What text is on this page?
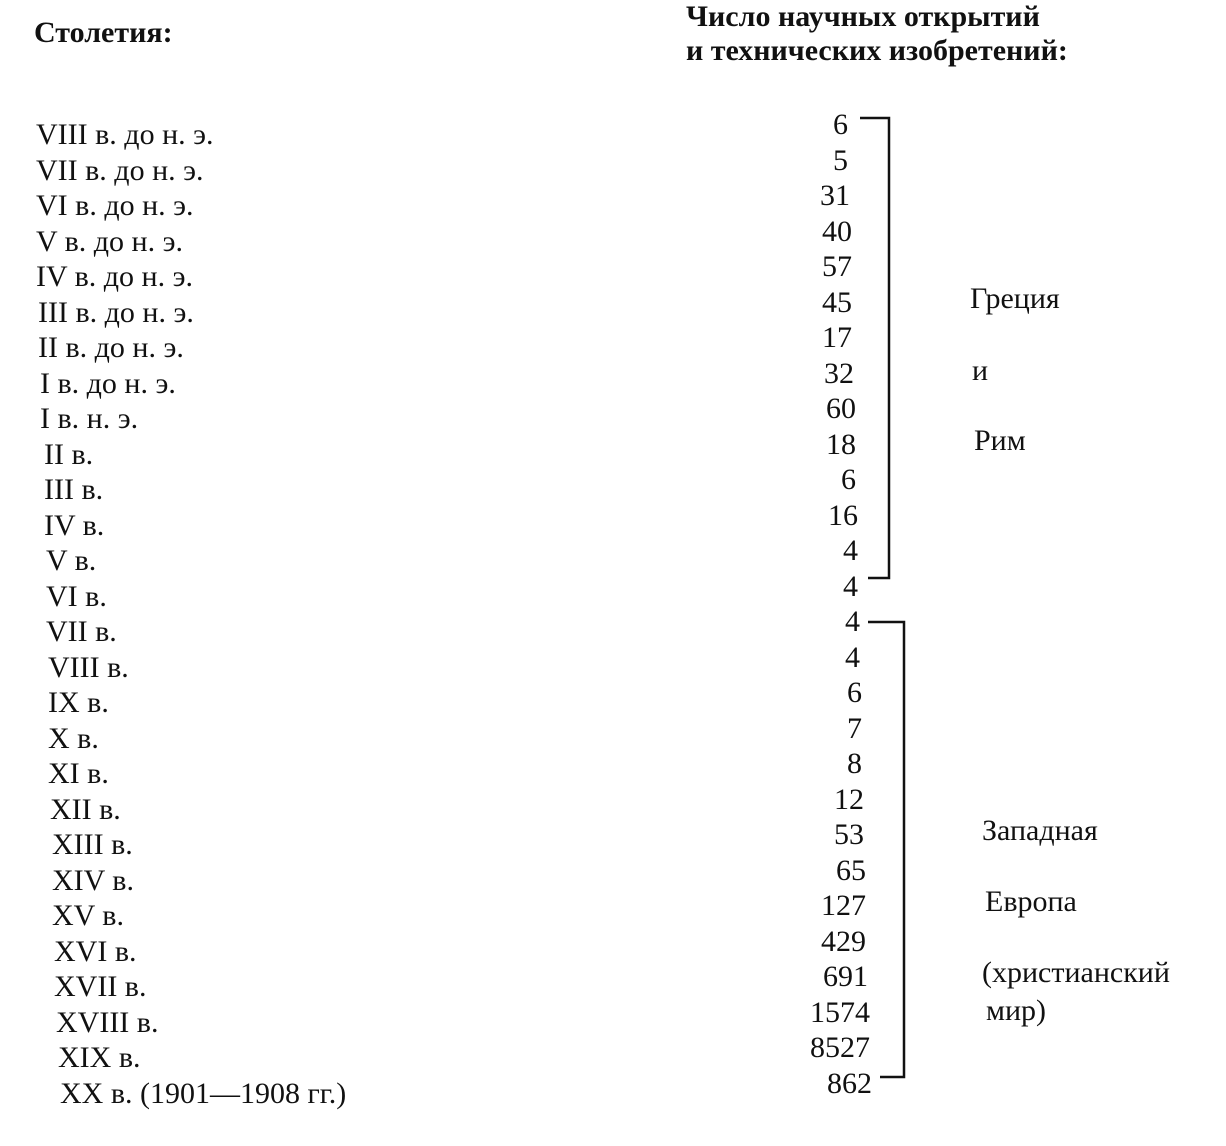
Столетия:	Число научных открытий
и технических изобретений:
VIII в. до н. э.
VII в. до н. э.
VI в. до н. э.
V в. до н. э.
IV в. до н. э.
III в. до н. э.
II в. до н. э.
I в. до н. э.
I в. н. э.
II в.
III в.
IV в.
V в.
VI в.
VII в.
VIII в.
IX в.
X в.
XI в.
XII в.
XIII в.
XIV в.
XV в.
XVI в.
XVII в.
XVIII в.
XIX в.
XX в. (1901—1908 гг.)
6
5
31
40
57
45
17
32
60
18
6
16
4
4
4
4
6
7
8
12
53
65
127
429
691
1574
8527
862
Греция
и
Рим
Западная
Европа
(христианский
мир)
